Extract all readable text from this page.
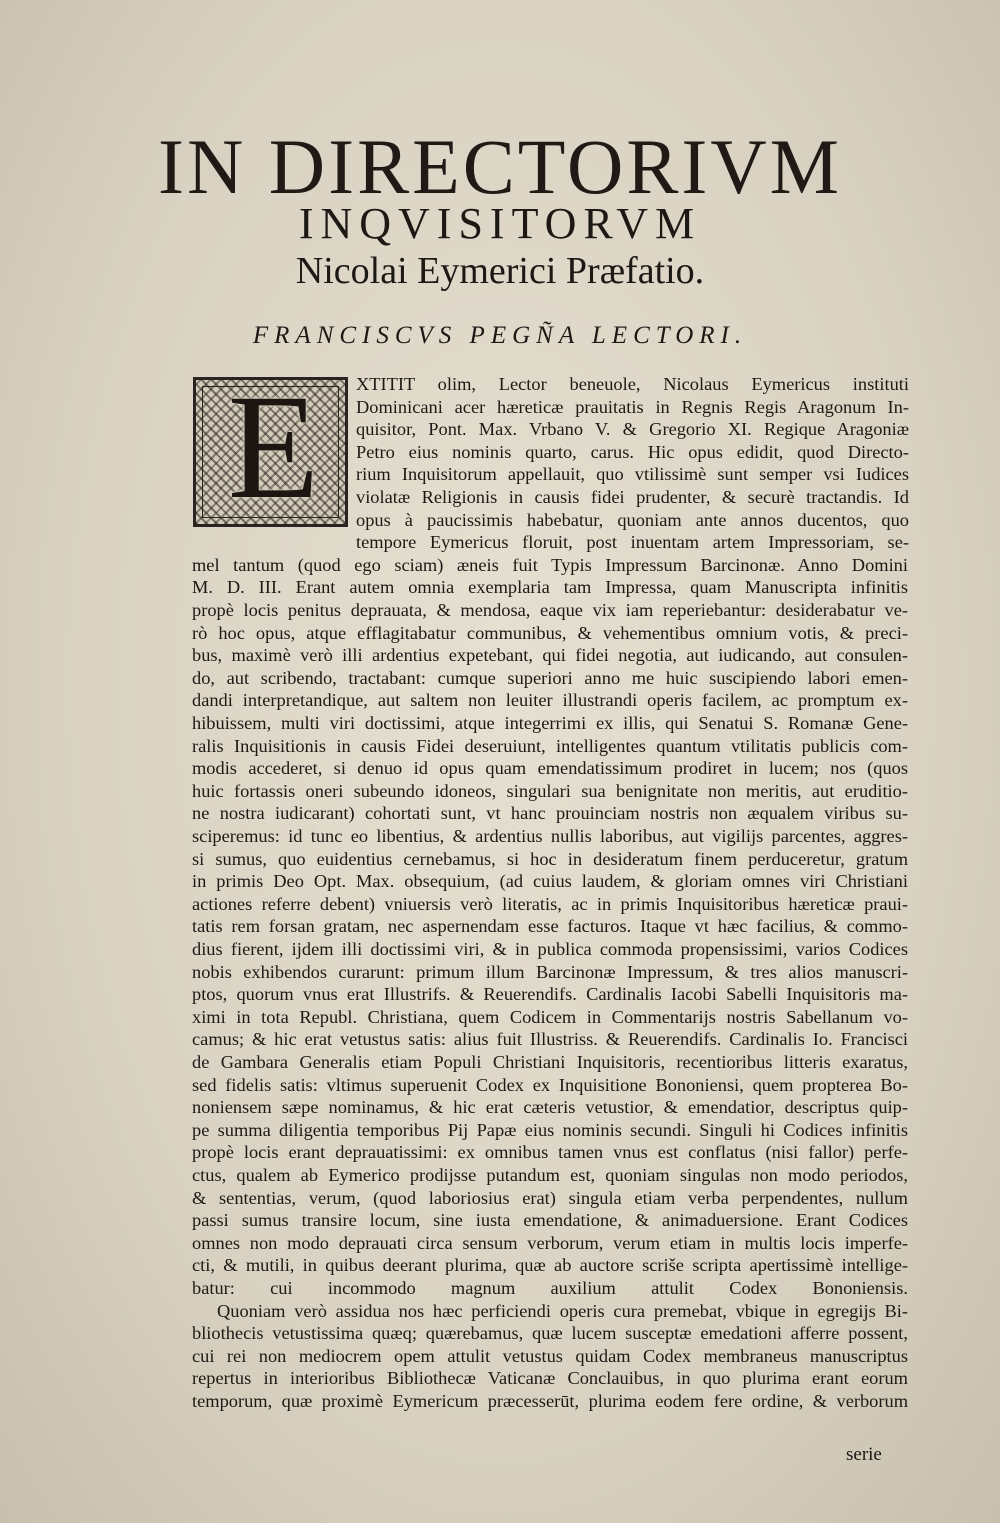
IN DIRECTORIVM
INQVISITORVM
Nicolai Eymerici Præfatio.
FRANCISCVS PEGÑA LECTORI.
E	XTITIT olim, Lector beneuole, Nicolaus Eymericus instituti
Dominicani acer hæreticæ prauitatis in Regnis Regis Aragonum In-
quisitor, Pont. Max. Vrbano V. & Gregorio XI. Regique Aragoniæ
Petro eius nominis quarto, carus. Hic opus edidit, quod Directo-
rium Inquisitorum appellauit, quo vtilissimè sunt semper vsi Iudices
violatæ Religionis in causis fidei prudenter, & securè tractandis. Id
opus à paucissimis habebatur, quoniam ante annos ducentos, quo
tempore Eymericus floruit, post inuentam artem Impressoriam, se-
mel tantum (quod ego sciam) æneis fuit Typis Impressum Barcinonæ. Anno Domini
M. D. III. Erant autem omnia exemplaria tam Impressa, quam Manuscripta infinitis
propè locis penitus deprauata, & mendosa, eaque vix iam reperiebantur: desiderabatur ve-
rò hoc opus, atque efflagitabatur communibus, & vehementibus omnium votis, & preci-
bus, maximè verò illi ardentius expetebant, qui fidei negotia, aut iudicando, aut consulen-
do, aut scribendo, tractabant: cumque superiori anno me huic suscipiendo labori emen-
dandi interpretandique, aut saltem non leuiter illustrandi operis facilem, ac promptum ex-
hibuissem, multi viri doctissimi, atque integerrimi ex illis, qui Senatui S. Romanæ Gene-
ralis Inquisitionis in causis Fidei deseruiunt, intelligentes quantum vtilitatis publicis com-
modis accederet, si denuo id opus quam emendatissimum prodiret in lucem; nos (quos
huic fortassis oneri subeundo idoneos, singulari sua benignitate non meritis, aut eruditio-
ne nostra iudicarant) cohortati sunt, vt hanc prouinciam nostris non æqualem viribus su-
sciperemus: id tunc eo libentius, & ardentius nullis laboribus, aut vigilijs parcentes, aggres-
si sumus, quo euidentius cernebamus, si hoc in desideratum finem perduceretur, gratum
in primis Deo Opt. Max. obsequium, (ad cuius laudem, & gloriam omnes viri Christiani
actiones referre debent) vniuersis verò literatis, ac in primis Inquisitoribus hæreticæ praui-
tatis rem forsan gratam, nec aspernendam esse facturos. Itaque vt hæc facilius, & commo-
dius fierent, ijdem illi doctissimi viri, & in publica commoda propensissimi, varios Codices
nobis exhibendos curarunt: primum illum Barcinonæ Impressum, & tres alios manuscri-
ptos, quorum vnus erat Illustrifs. & Reuerendifs. Cardinalis Iacobi Sabelli Inquisitoris ma-
ximi in tota Republ. Christiana, quem Codicem in Commentarijs nostris Sabellanum vo-
camus; & hic erat vetustus satis: alius fuit Illustriss. & Reuerendifs. Cardinalis Io. Francisci
de Gambara Generalis etiam Populi Christiani Inquisitoris, recentioribus litteris exaratus,
sed fidelis satis: vltimus superuenit Codex ex Inquisitione Bononiensi, quem propterea Bo-
noniensem sæpe nominamus, & hic erat cæteris vetustior, & emendatior, descriptus quip-
pe summa diligentia temporibus Pij Papæ eius nominis secundi. Singuli hi Codices infinitis
propè locis erant deprauatissimi: ex omnibus tamen vnus est conflatus (nisi fallor) perfe-
ctus, qualem ab Eymerico prodijsse putandum est, quoniam singulas non modo periodos,
& sententias, verum, (quod laboriosius erat) singula etiam verba perpendentes, nullum
passi sumus transire locum, sine iusta emendatione, & animaduersione. Erant Codices
omnes non modo deprauati circa sensum verborum, verum etiam in multis locis imperfe-
cti, & mutili, in quibus deerant plurima, quæ ab auctore scriše scripta apertissimè intellige-
batur: cui incommodo magnum auxilium attulit Codex Bononiensis.
Quoniam verò assidua nos hæc perficiendi operis cura premebat, vbique in egregijs Bi-
bliothecis vetustissima quæq; quærebamus, quæ lucem susceptæ emedationi afferre possent,
cui rei non mediocrem opem attulit vetustus quidam Codex membraneus manuscriptus
repertus in interioribus Bibliothecæ Vaticanæ Conclauibus, in quo plurima erant eorum
temporum, quæ proximè Eymericum præcesserūt, plurima eodem fere ordine, & verborum
serie
